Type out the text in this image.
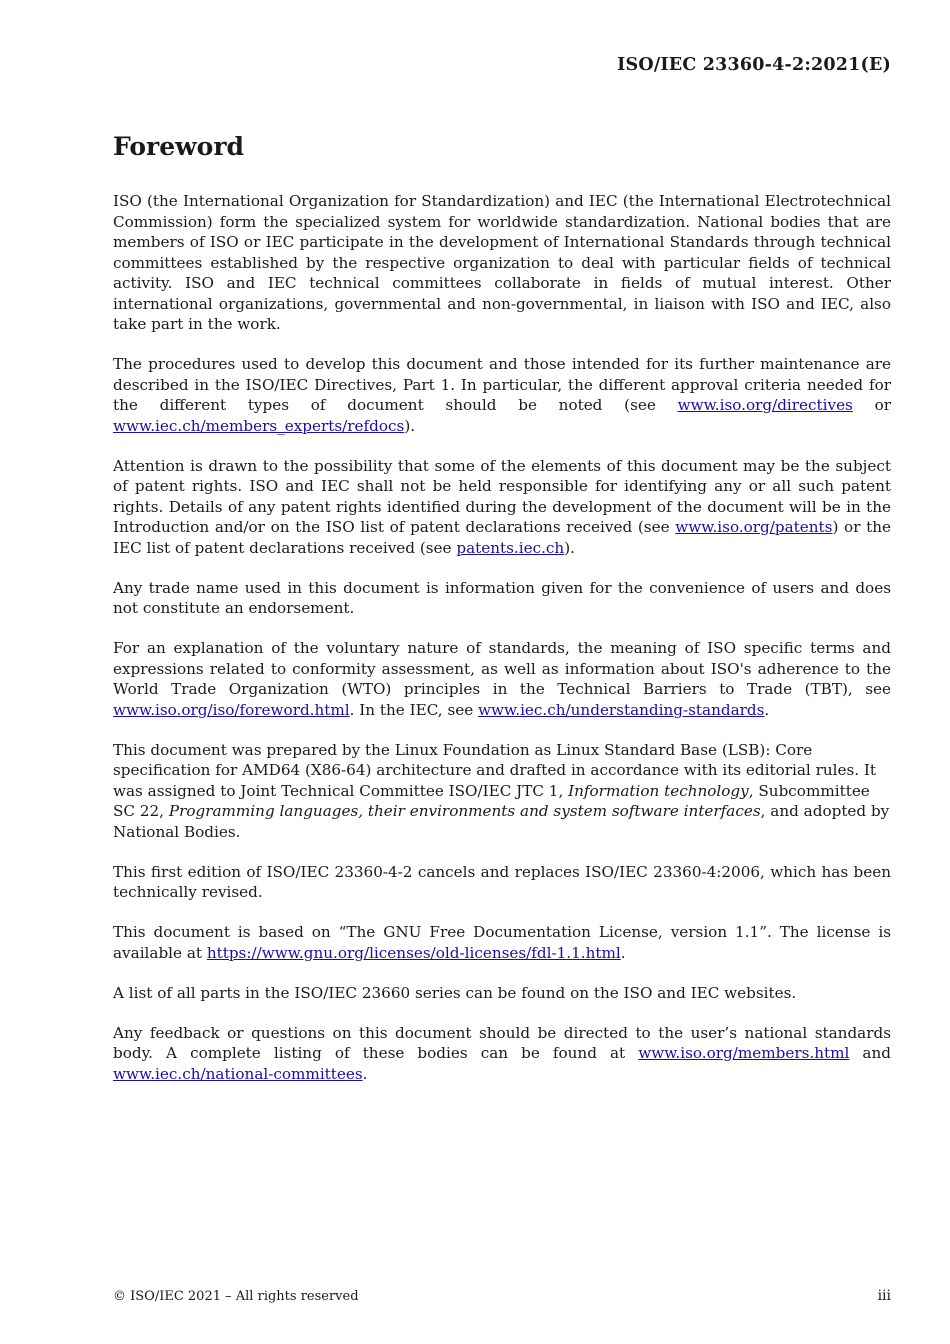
ISO/IEC 23360-4-2:2021(E)
Foreword

ISO (the International Organization for Standardization) and IEC (the International Electrotechnical Commission) form the specialized system for worldwide standardization. National bodies that are members of ISO or IEC participate in the development of International Standards through technical committees established by the respective organization to deal with particular fields of technical activity. ISO and IEC technical committees collaborate in fields of mutual interest. Other international organizations, governmental and non-governmental, in liaison with ISO and IEC, also take part in the work.

The procedures used to develop this document and those intended for its further maintenance are described in the ISO/IEC Directives, Part 1. In particular, the different approval criteria needed for the different types of document should be noted (see www.iso.org/directives or www.iec.ch/members_experts/refdocs).

Attention is drawn to the possibility that some of the elements of this document may be the subject of patent rights. ISO and IEC shall not be held responsible for identifying any or all such patent rights. Details of any patent rights identified during the development of the document will be in the Introduction and/or on the ISO list of patent declarations received (see www.iso.org/patents) or the IEC list of patent declarations received (see patents.iec.ch).

Any trade name used in this document is information given for the convenience of users and does not constitute an endorsement.

For an explanation of the voluntary nature of standards, the meaning of ISO specific terms and expressions related to conformity assessment, as well as information about ISO's adherence to the World Trade Organization (WTO) principles in the Technical Barriers to Trade (TBT), see www.iso.org/iso/foreword.html. In the IEC, see www.iec.ch/understanding-standards.

This document was prepared by the Linux Foundation as Linux Standard Base (LSB): Core specification for AMD64 (X86-64) architecture and drafted in accordance with its editorial rules. It was assigned to Joint Technical Committee ISO/IEC JTC 1, Information technology, Subcommittee SC 22, Programming languages, their environments and system software interfaces, and adopted by National Bodies.

This first edition of ISO/IEC 23360-4-2 cancels and replaces ISO/IEC 23360-4:2006, which has been technically revised.

This document is based on “The GNU Free Documentation License, version 1.1”. The license is available at https://www.gnu.org/licenses/old-licenses/fdl-1.1.html.

A list of all parts in the ISO/IEC 23660 series can be found on the ISO and IEC websites.

Any feedback or questions on this document should be directed to the user’s national standards body. A complete listing of these bodies can be found at www.iso.org/members.html and www.iec.ch/national-committees.

© ISO/IEC 2021 – All rights reserved	iii
